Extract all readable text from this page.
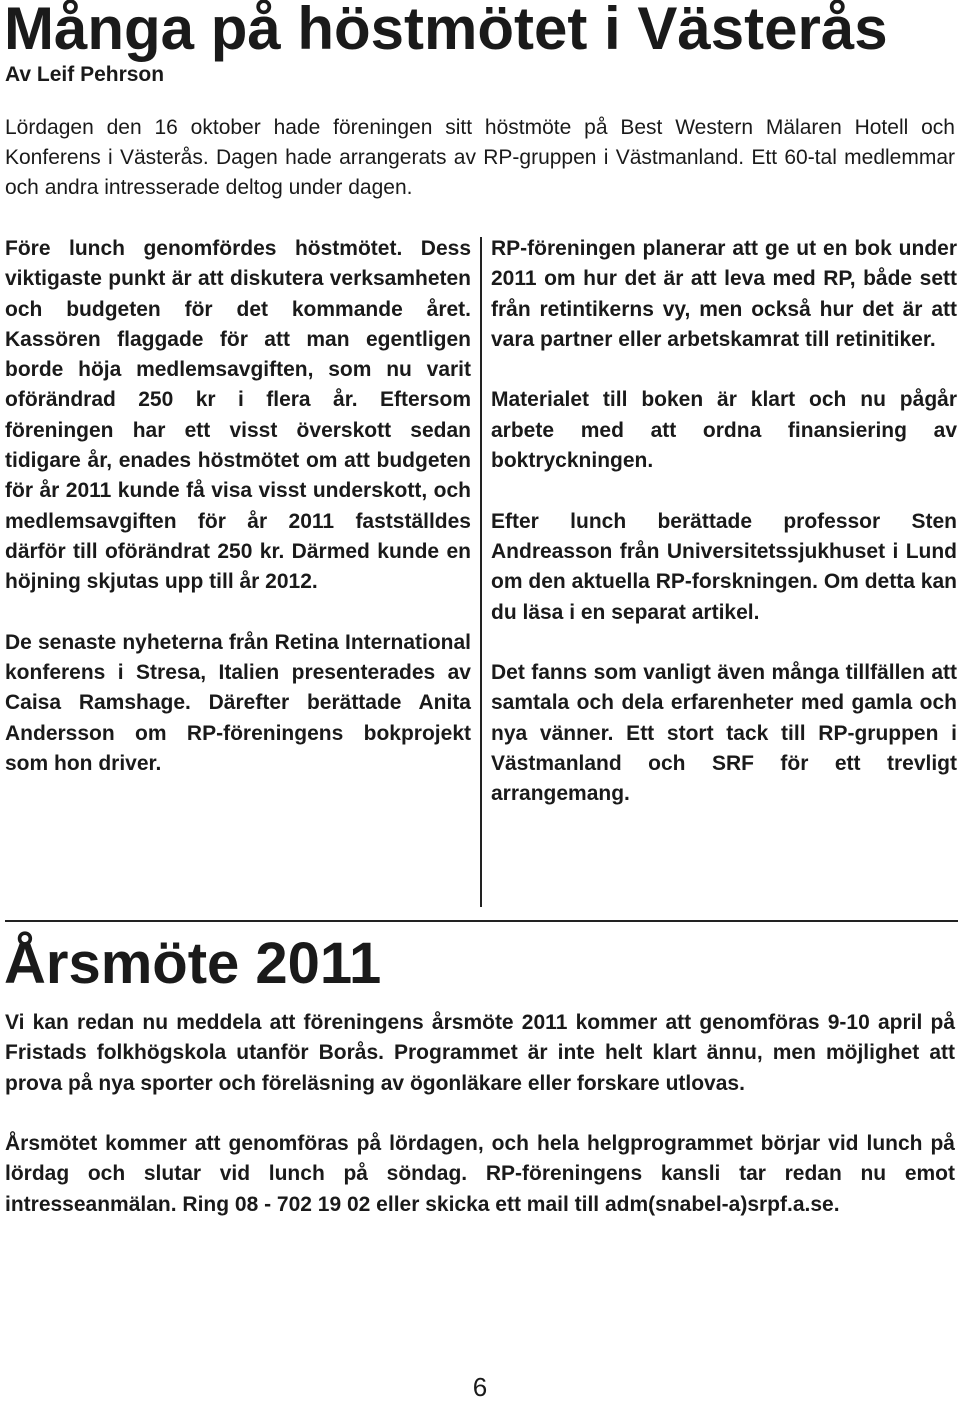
Många på höstmötet i Västerås
Av Leif Pehrson

Lördagen den 16 oktober hade föreningen sitt höstmöte på Best Western Mälaren Hotell och Konferens i Västerås. Dagen hade arrangerats av RP-gruppen i Västmanland. Ett 60-tal medlemmar och andra intresserade deltog under dagen.

Före lunch genomfördes höstmötet. Dess viktigaste punkt är att diskutera verksamheten och budgeten för det kommande året. Kassören flaggade för att man egentligen borde höja medlemsavgiften, som nu varit oförändrad 250 kr i flera år. Eftersom föreningen har ett visst överskott sedan tidigare år, enades höstmötet om att budgeten för år 2011 kunde få visa visst underskott, och medlemsavgiften för år 2011 fastställdes därför till oförändrat 250 kr. Därmed kunde en höjning skjutas upp till år 2012.

De senaste nyheterna från Retina International konferens i Stresa, Italien presenterades av Caisa Ramshage. Därefter berättade Anita Andersson om RP-föreningens bokprojekt som hon driver.

RP-föreningen planerar att ge ut en bok under 2011 om hur det är att leva med RP, både sett från retintikerns vy, men också hur det är att vara partner eller arbetskamrat till retinitiker.

Materialet till boken är klart och nu pågår arbete med att ordna finansiering av boktryckningen.

Efter lunch berättade professor Sten Andreasson från Universitetssjukhuset i Lund om den aktuella RP-forskningen. Om detta kan du läsa i en separat artikel.

Det fanns som vanligt även många tillfällen att samtala och dela erfarenheter med gamla och nya vänner. Ett stort tack till RP-gruppen i Västmanland och SRF för ett trevligt arrangemang.

Årsmöte 2011

Vi kan redan nu meddela att föreningens årsmöte 2011 kommer att genomföras 9-10 april på Fristads folkhögskola utanför Borås. Programmet är inte helt klart ännu, men möjlighet att prova på nya sporter och föreläsning av ögonläkare eller forskare utlovas.

Årsmötet kommer att genomföras på lördagen, och hela helgprogrammet börjar vid lunch på lördag och slutar vid lunch på söndag. RP-föreningens kansli tar redan nu emot intresseanmälan. Ring 08 - 702 19 02 eller skicka ett mail till adm(snabel-a)srpf.a.se.

6
